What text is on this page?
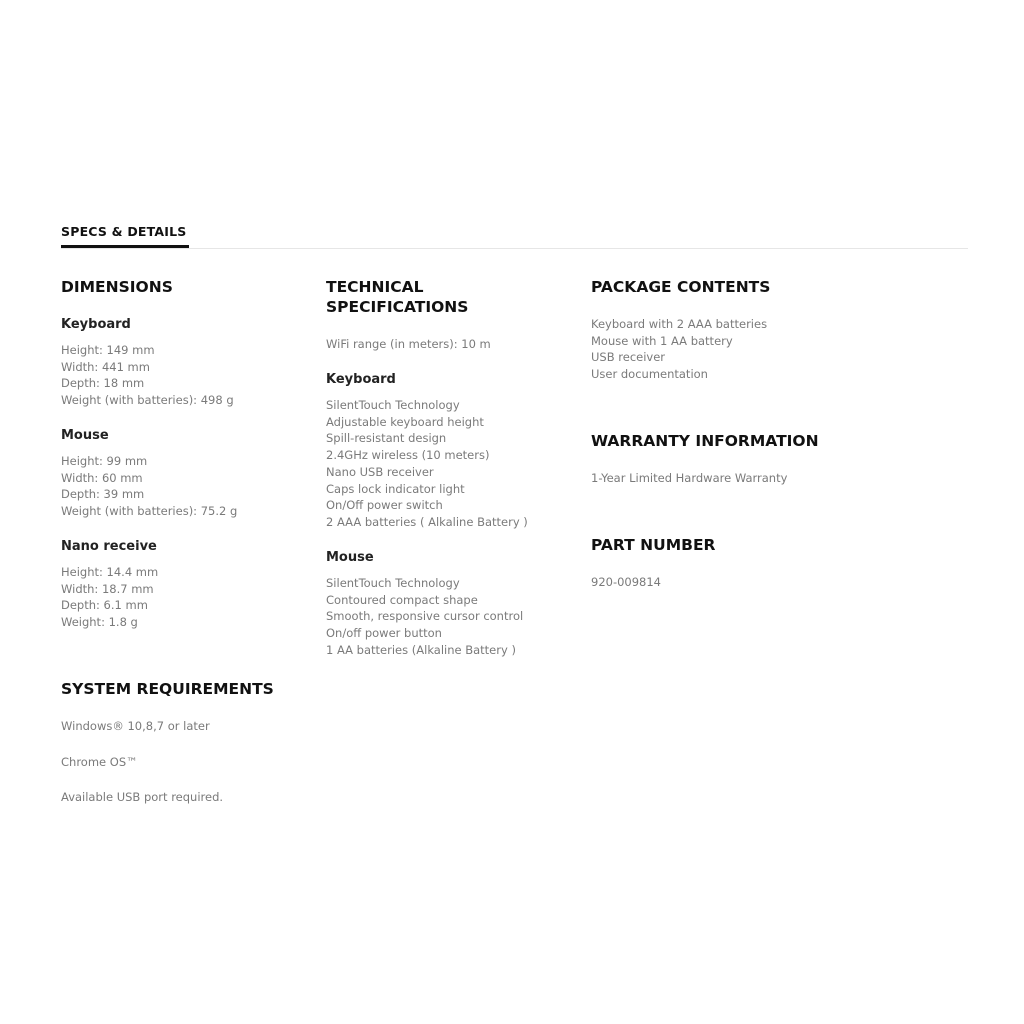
SPECS & DETAILS
DIMENSIONS
Keyboard
Height: 149 mm
Width: 441 mm
Depth: 18 mm
Weight (with batteries): 498 g
Mouse
Height: 99 mm
Width: 60 mm
Depth: 39 mm
Weight (with batteries): 75.2 g
Nano receive
Height: 14.4 mm
Width: 18.7 mm
Depth: 6.1 mm
Weight: 1.8 g
SYSTEM REQUIREMENTS
Windows® 10,8,7 or later
Chrome OS™
Available USB port required.
TECHNICAL
SPECIFICATIONS
WiFi range (in meters): 10 m
Keyboard
SilentTouch Technology
Adjustable keyboard height
Spill-resistant design
2.4GHz wireless (10 meters)
Nano USB receiver
Caps lock indicator light
On/Off power switch
2 AAA batteries ( Alkaline Battery )
Mouse
SilentTouch Technology
Contoured compact shape
Smooth, responsive cursor control
On/off power button
1 AA batteries (Alkaline Battery )
PACKAGE CONTENTS
Keyboard with 2 AAA batteries
Mouse with 1 AA battery
USB receiver
User documentation
WARRANTY INFORMATION
1-Year Limited Hardware Warranty
PART NUMBER
920-009814
